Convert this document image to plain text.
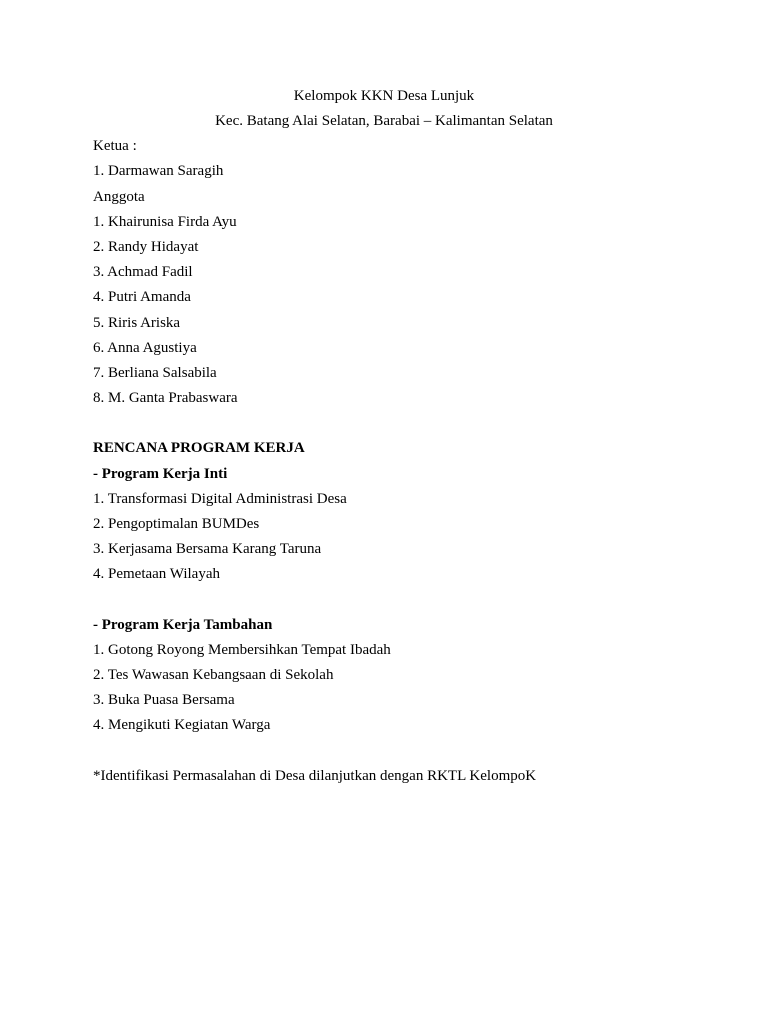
Kelompok KKN Desa Lunjuk
Kec. Batang Alai Selatan, Barabai – Kalimantan Selatan
Ketua :
1. Darmawan Saragih
Anggota
1. Khairunisa Firda Ayu
2. Randy Hidayat
3. Achmad Fadil
4. Putri Amanda
5. Riris Ariska
6. Anna Agustiya
7. Berliana Salsabila
8. M. Ganta Prabaswara
RENCANA PROGRAM KERJA
- Program Kerja Inti
1. Transformasi Digital Administrasi Desa
2. Pengoptimalan BUMDes
3. Kerjasama Bersama Karang Taruna
4. Pemetaan Wilayah
- Program Kerja Tambahan
1. Gotong Royong Membersihkan Tempat Ibadah
2. Tes Wawasan Kebangsaan di Sekolah
3. Buka Puasa Bersama
4. Mengikuti Kegiatan Warga
*Identifikasi Permasalahan di Desa dilanjutkan dengan RKTL KelompoK
